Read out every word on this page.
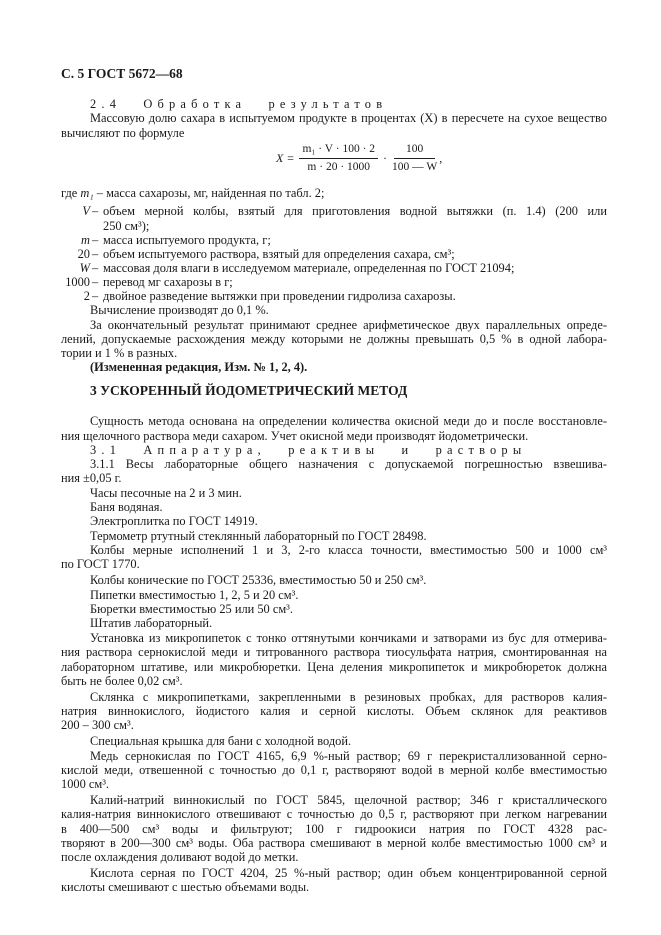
С. 5 ГОСТ 5672—68
2.4 Обработка результатов
Массовую долю сахара в испытуемом продукте в процентах (X) в пересчете на сухое вещество
вычисляют по формуле
$X = \frac{\text{m₁ · V · 100 · 2}}{m \cdot 20 \cdot 1000} \cdot \frac{100}{100 — W}$ ,
где m₁ – масса сахарозы, мг, найденная по табл. 2;
V – объем мерной колбы, взятый для приготовления водной вытяжки (п. 1.4) (200 или
250 см³);
m – масса испытуемого продукта, г;
20 – объем испытуемого раствора, взятый для определения сахара, см³;
W – массовая доля влаги в исследуемом материале, определенная по ГОСТ 21094;
1000 – перевод мг сахарозы в г;
2 – двойное разведение вытяжки при проведении гидролиза сахарозы.
Вычисление производят до 0,1 %.
За окончательный результат принимают среднее арифметическое двух параллельных опреде-
лений, допускаемые расхождения между которыми не должны превышать 0,5 % в одной лабора-
тории и 1 % в разных.
(Измененная редакция, Изм. № 1, 2, 4).
3 УСКОРЕННЫЙ ЙОДОМЕТРИЧЕСКИЙ МЕТОД
Сущность метода основана на определении количества окисной меди до и после восстановле-
ния щелочного раствора меди сахаром. Учет окисной меди производят йодометрически.
3.1 Аппаратура, реактивы и растворы
3.1.1 Весы лабораторные общего назначения с допускаемой погрешностью взвешива-
ния ±0,05 г.
Часы песочные на 2 и 3 мин.
Баня водяная.
Электроплитка по ГОСТ 14919.
Термометр ртутный стеклянный лабораторный по ГОСТ 28498.
Колбы мерные исполнений 1 и 3, 2-го класса точности, вместимостью 500 и 1000 см³
по ГОСТ 1770.
Колбы конические по ГОСТ 25336, вместимостью 50 и 250 см³.
Пипетки вместимостью 1, 2, 5 и 20 см³.
Бюретки вместимостью 25 или 50 см³.
Штатив лабораторный.
Установка из микропипеток с тонко оттянутыми кончиками и затворами из бус для отмерива-
ния раствора сернокислой меди и титрованного раствора тиосульфата натрия, смонтированная на
лабораторном штативе, или микробюретки. Цена деления микропипеток и микробюреток должна
быть не более 0,02 см³.
Склянка с микропипетками, закрепленными в резиновых пробках, для растворов калия-
натрия виннокислого, йодистого калия и серной кислоты. Объем склянок для реактивов
200 – 300 см³.
Специальная крышка для бани с холодной водой.
Медь сернокислая по ГОСТ 4165, 6,9 %-ный раствор; 69 г перекристаллизованной серно-
кислой меди, отвешенной с точностью до 0,1 г, растворяют водой в мерной колбе вместимостью
1000 см³.
Калий-натрий виннокислый по ГОСТ 5845, щелочной раствор; 346 г кристаллического
калия-натрия виннокислого отвешивают с точностью до 0,5 г, растворяют при легком нагревании
в 400—500 см³ воды и фильтруют; 100 г гидроокиси натрия по ГОСТ 4328 рас-
творяют в 200—300 см³ воды. Оба раствора смешивают в мерной колбе вместимостью 1000 см³ и
после охлаждения доливают водой до метки.
Кислота серная по ГОСТ 4204, 25 %-ный раствор; один объем концентрированной серной
кислоты смешивают с шестью объемами воды.
